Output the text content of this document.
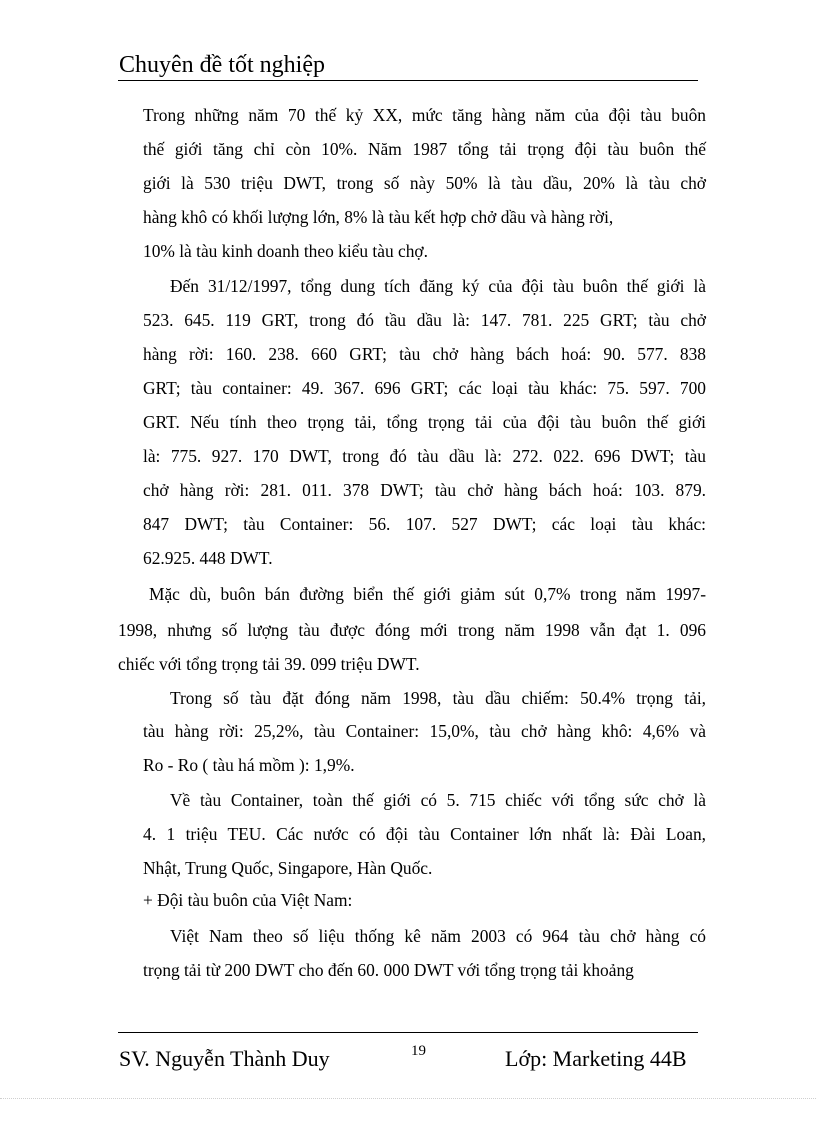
Chuyên đề tốt nghiệp
Trong những năm 70 thế kỷ XX, mức tăng hàng năm của đội tàu buôn
thế giới tăng chỉ còn 10%. Năm 1987 tổng tải trọng đội tàu buôn thế
giới là 530 triệu DWT, trong số này 50% là tàu dầu, 20% là tàu chở
hàng khô có khối lượng lớn, 8% là tàu kết hợp chở dầu và hàng rời,
10% là tàu kinh doanh theo kiểu tàu chợ.
Đến 31/12/1997, tổng dung tích đăng ký của đội tàu buôn thế giới là
523. 645. 119 GRT, trong đó tầu dầu là: 147. 781. 225 GRT; tàu chở
hàng rời: 160. 238. 660 GRT; tàu chở hàng bách hoá: 90. 577. 838
GRT; tàu container: 49. 367. 696 GRT; các loại tàu khác: 75. 597. 700
GRT. Nếu tính theo trọng tải, tổng trọng tải của đội tàu buôn thế giới
là: 775. 927. 170 DWT, trong đó tàu dầu là: 272. 022. 696 DWT; tàu
chở hàng rời: 281. 011. 378 DWT; tàu chở hàng bách hoá: 103. 879.
847 DWT; tàu Container: 56. 107. 527 DWT; các loại tàu khác:
62.925. 448 DWT.
Mặc dù, buôn bán đường biển thế giới giảm sút 0,7% trong năm 1997-
1998, nhưng số lượng tàu được đóng mới trong năm 1998 vẫn đạt 1. 096
chiếc với tổng trọng tải 39. 099 triệu DWT.
Trong số tàu đặt đóng năm 1998, tàu dầu chiếm: 50.4% trọng tải,
tàu hàng rời: 25,2%, tàu Container: 15,0%, tàu chở hàng khô: 4,6% và
Ro - Ro ( tàu há mồm ): 1,9%.
Về tàu Container, toàn thế giới có 5. 715 chiếc với tổng sức chở là
4. 1 triệu TEU. Các nước có đội tàu Container lớn nhất là: Đài Loan,
Nhật, Trung Quốc, Singapore, Hàn Quốc.
+ Đội tàu buôn của Việt Nam:
Việt Nam theo số liệu thống kê năm 2003 có 964 tàu chở hàng có
trọng tải từ 200 DWT cho đến 60. 000 DWT với tổng trọng tải khoảng
SV. Nguyễn Thành Duy	19	Lớp: Marketing 44B
